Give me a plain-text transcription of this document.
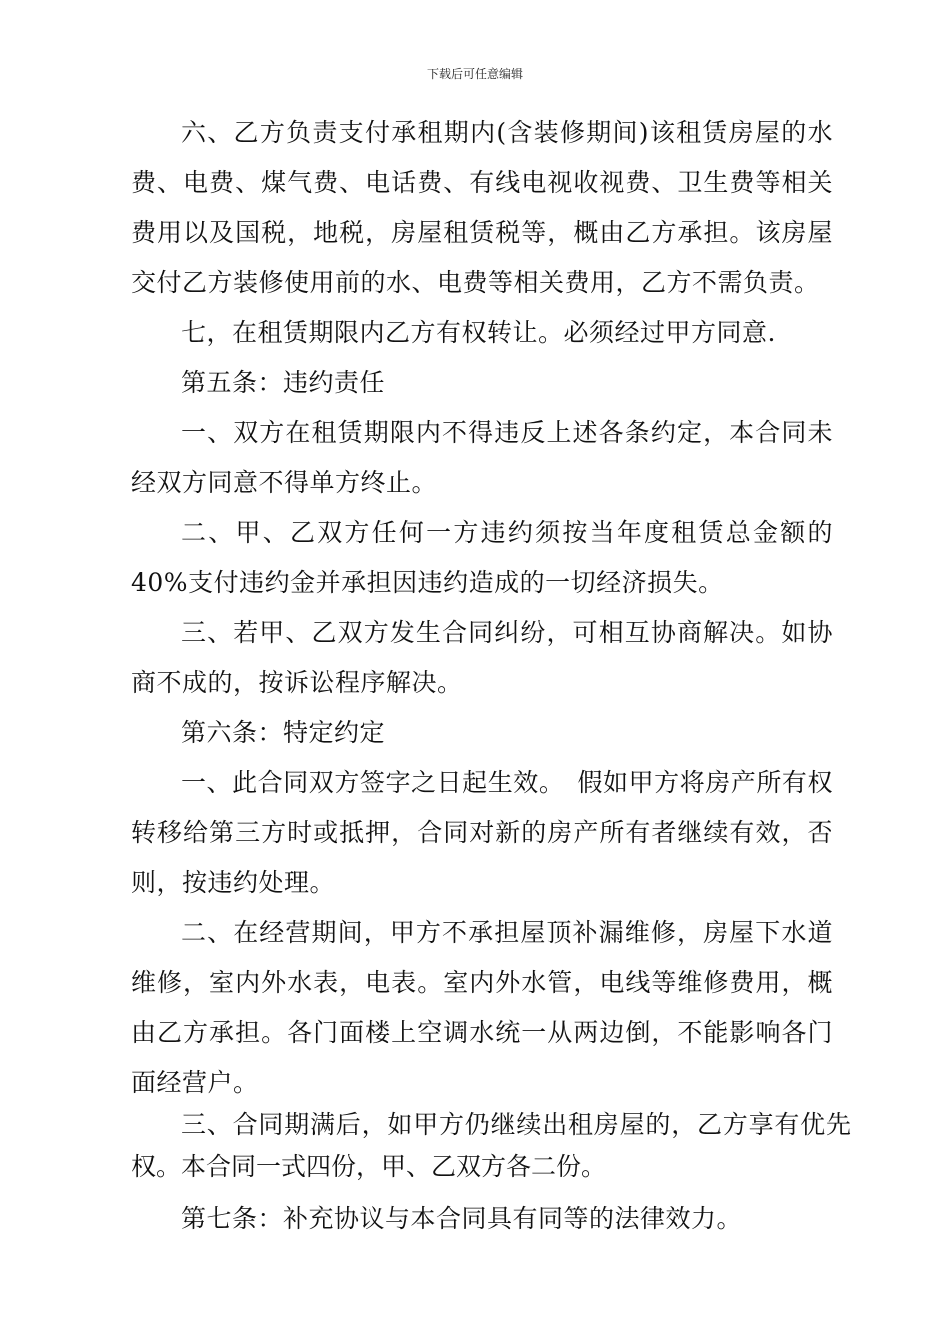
下载后可任意编辑

六、乙方负责支付承租期内(含装修期间)该租赁房屋的水费、电费、煤气费、电话费、有线电视收视费、卫生费等相关费用以及国税，地税，房屋租赁税等，概由乙方承担。该房屋交付乙方装修使用前的水、电费等相关费用，乙方不需负责。

七，在租赁期限内乙方有权转让。必须经过甲方同意.

第五条：违约责任

一、双方在租赁期限内不得违反上述各条约定，本合同未经双方同意不得单方终止。

二、甲、乙双方任何一方违约须按当年度租赁总金额的40%支付违约金并承担因违约造成的一切经济损失。

三、若甲、乙双方发生合同纠纷，可相互协商解决。如协商不成的，按诉讼程序解决。

第六条：特定约定

一、此合同双方签字之日起生效。　假如甲方将房产所有权转移给第三方时或抵押，合同对新的房产所有者继续有效，否则，按违约处理。

二、在经营期间，甲方不承担屋顶补漏维修，房屋下水道维修，室内外水表，电表。室内外水管，电线等维修费用，概由乙方承担。各门面楼上空调水统一从两边倒，不能影响各门面经营户。

三、合同期满后，如甲方仍继续出租房屋的，乙方享有优先权。本合同一式四份，甲、乙双方各二份。

第七条：补充协议与本合同具有同等的法律效力。
